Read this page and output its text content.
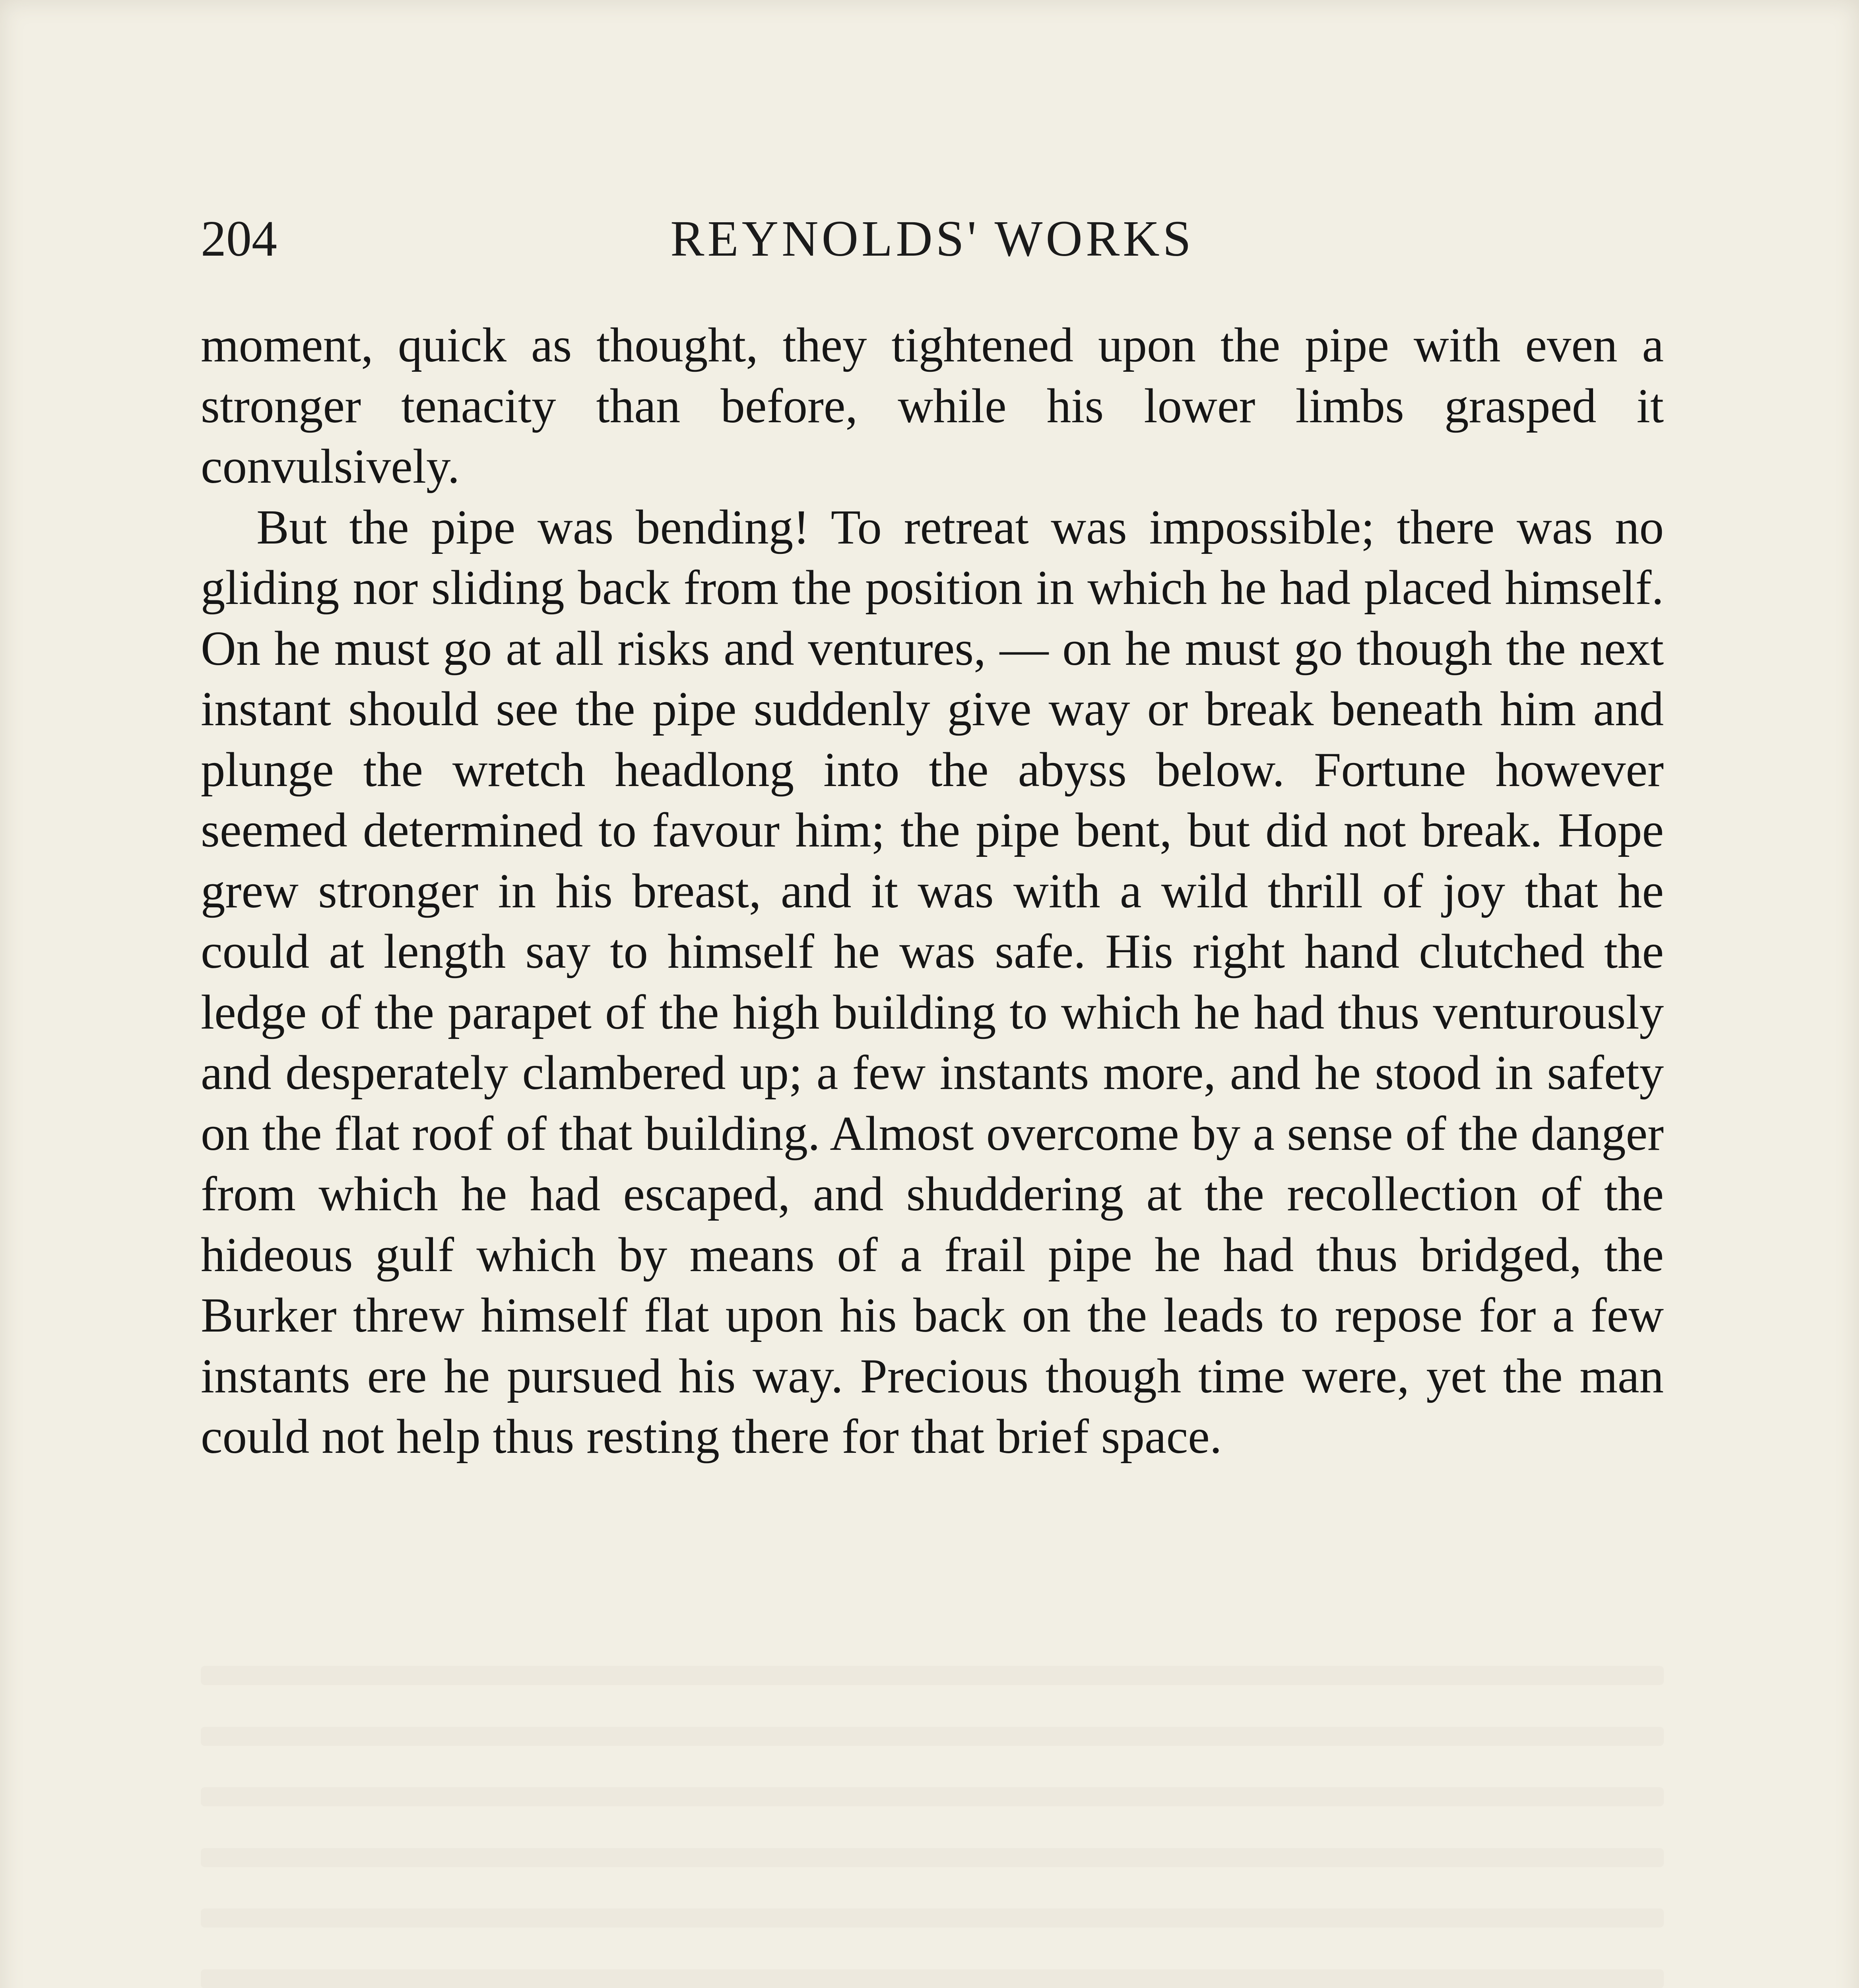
204	REYNOLDS' WORKS

moment, quick as thought, they tightened upon the pipe with even a stronger tenacity than before, while his lower limbs grasped it convulsively.

But the pipe was bending! To retreat was impossible; there was no gliding nor sliding back from the position in which he had placed himself. On he must go at all risks and ventures, — on he must go though the next instant should see the pipe suddenly give way or break beneath him and plunge the wretch headlong into the abyss below. Fortune however seemed determined to favour him; the pipe bent, but did not break. Hope grew stronger in his breast, and it was with a wild thrill of joy that he could at length say to himself he was safe. His right hand clutched the ledge of the parapet of the high building to which he had thus venturously and desperately clambered up; a few instants more, and he stood in safety on the flat roof of that building. Almost overcome by a sense of the danger from which he had escaped, and shuddering at the recollection of the hideous gulf which by means of a frail pipe he had thus bridged, the Burker threw himself flat upon his back on the leads to repose for a few instants ere he pursued his way. Precious though time were, yet the man could not help thus resting there for that brief space.
